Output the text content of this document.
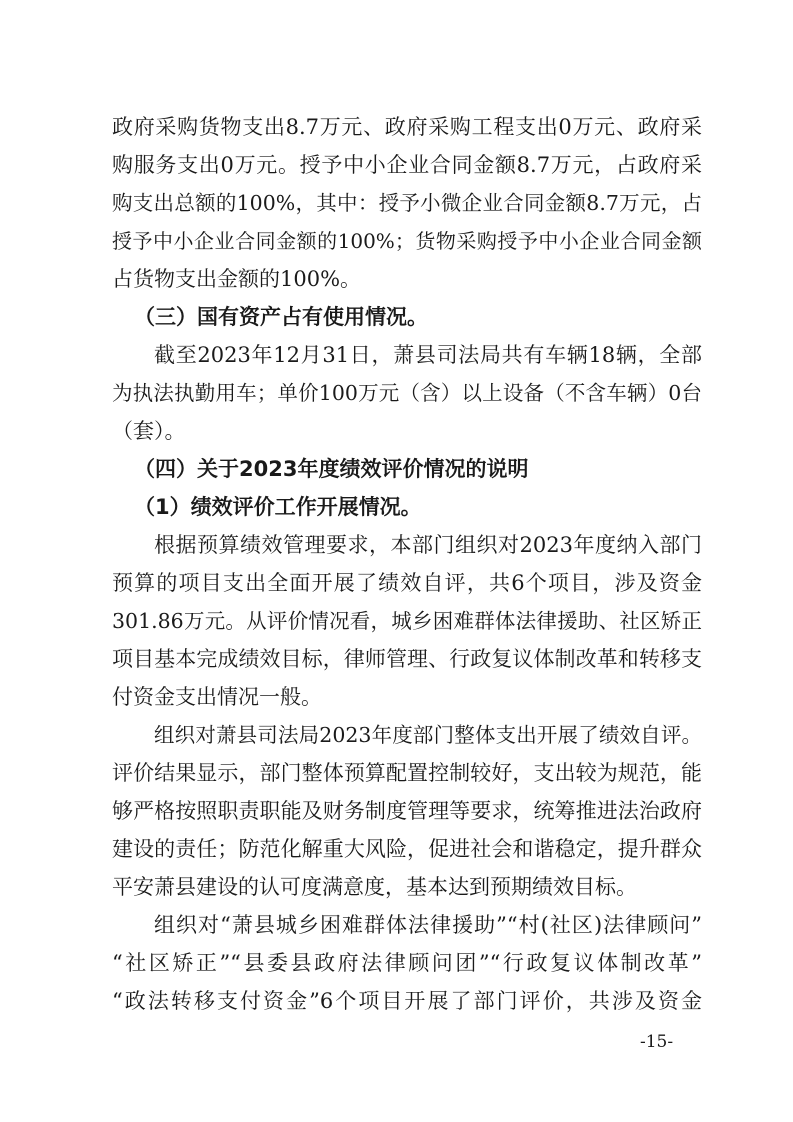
政府采购货物支出8.7万元、政府采购工程支出0万元、政府采
购服务支出0万元。授予中小企业合同金额8.7万元，占政府采
购支出总额的100%，其中：授予小微企业合同金额8.7万元，占
授予中小企业合同金额的100%；货物采购授予中小企业合同金额
占货物支出金额的100%。
（三）国有资产占有使用情况。
截至2023年12月31日，萧县司法局共有车辆18辆，全部
为执法执勤用车；单价100万元（含）以上设备（不含车辆）0台
（套）。
（四）关于2023年度绩效评价情况的说明
（1）绩效评价工作开展情况。
根据预算绩效管理要求，本部门组织对2023年度纳入部门
预算的项目支出全面开展了绩效自评，共6个项目，涉及资金
301.86万元。从评价情况看，城乡困难群体法律援助、社区矫正
项目基本完成绩效目标，律师管理、行政复议体制改革和转移支
付资金支出情况一般。
组织对萧县司法局2023年度部门整体支出开展了绩效自评。
评价结果显示，部门整体预算配置控制较好，支出较为规范，能
够严格按照职责职能及财务制度管理等要求，统筹推进法治政府
建设的责任；防范化解重大风险，促进社会和谐稳定，提升群众
平安萧县建设的认可度满意度，基本达到预期绩效目标。
组织对“萧县城乡困难群体法律援助”“村(社区)法律顾问”
“社区矫正”“县委县政府法律顾问团”“行政复议体制改革”
“政法转移支付资金”6个项目开展了部门评价，共涉及资金
-15-
